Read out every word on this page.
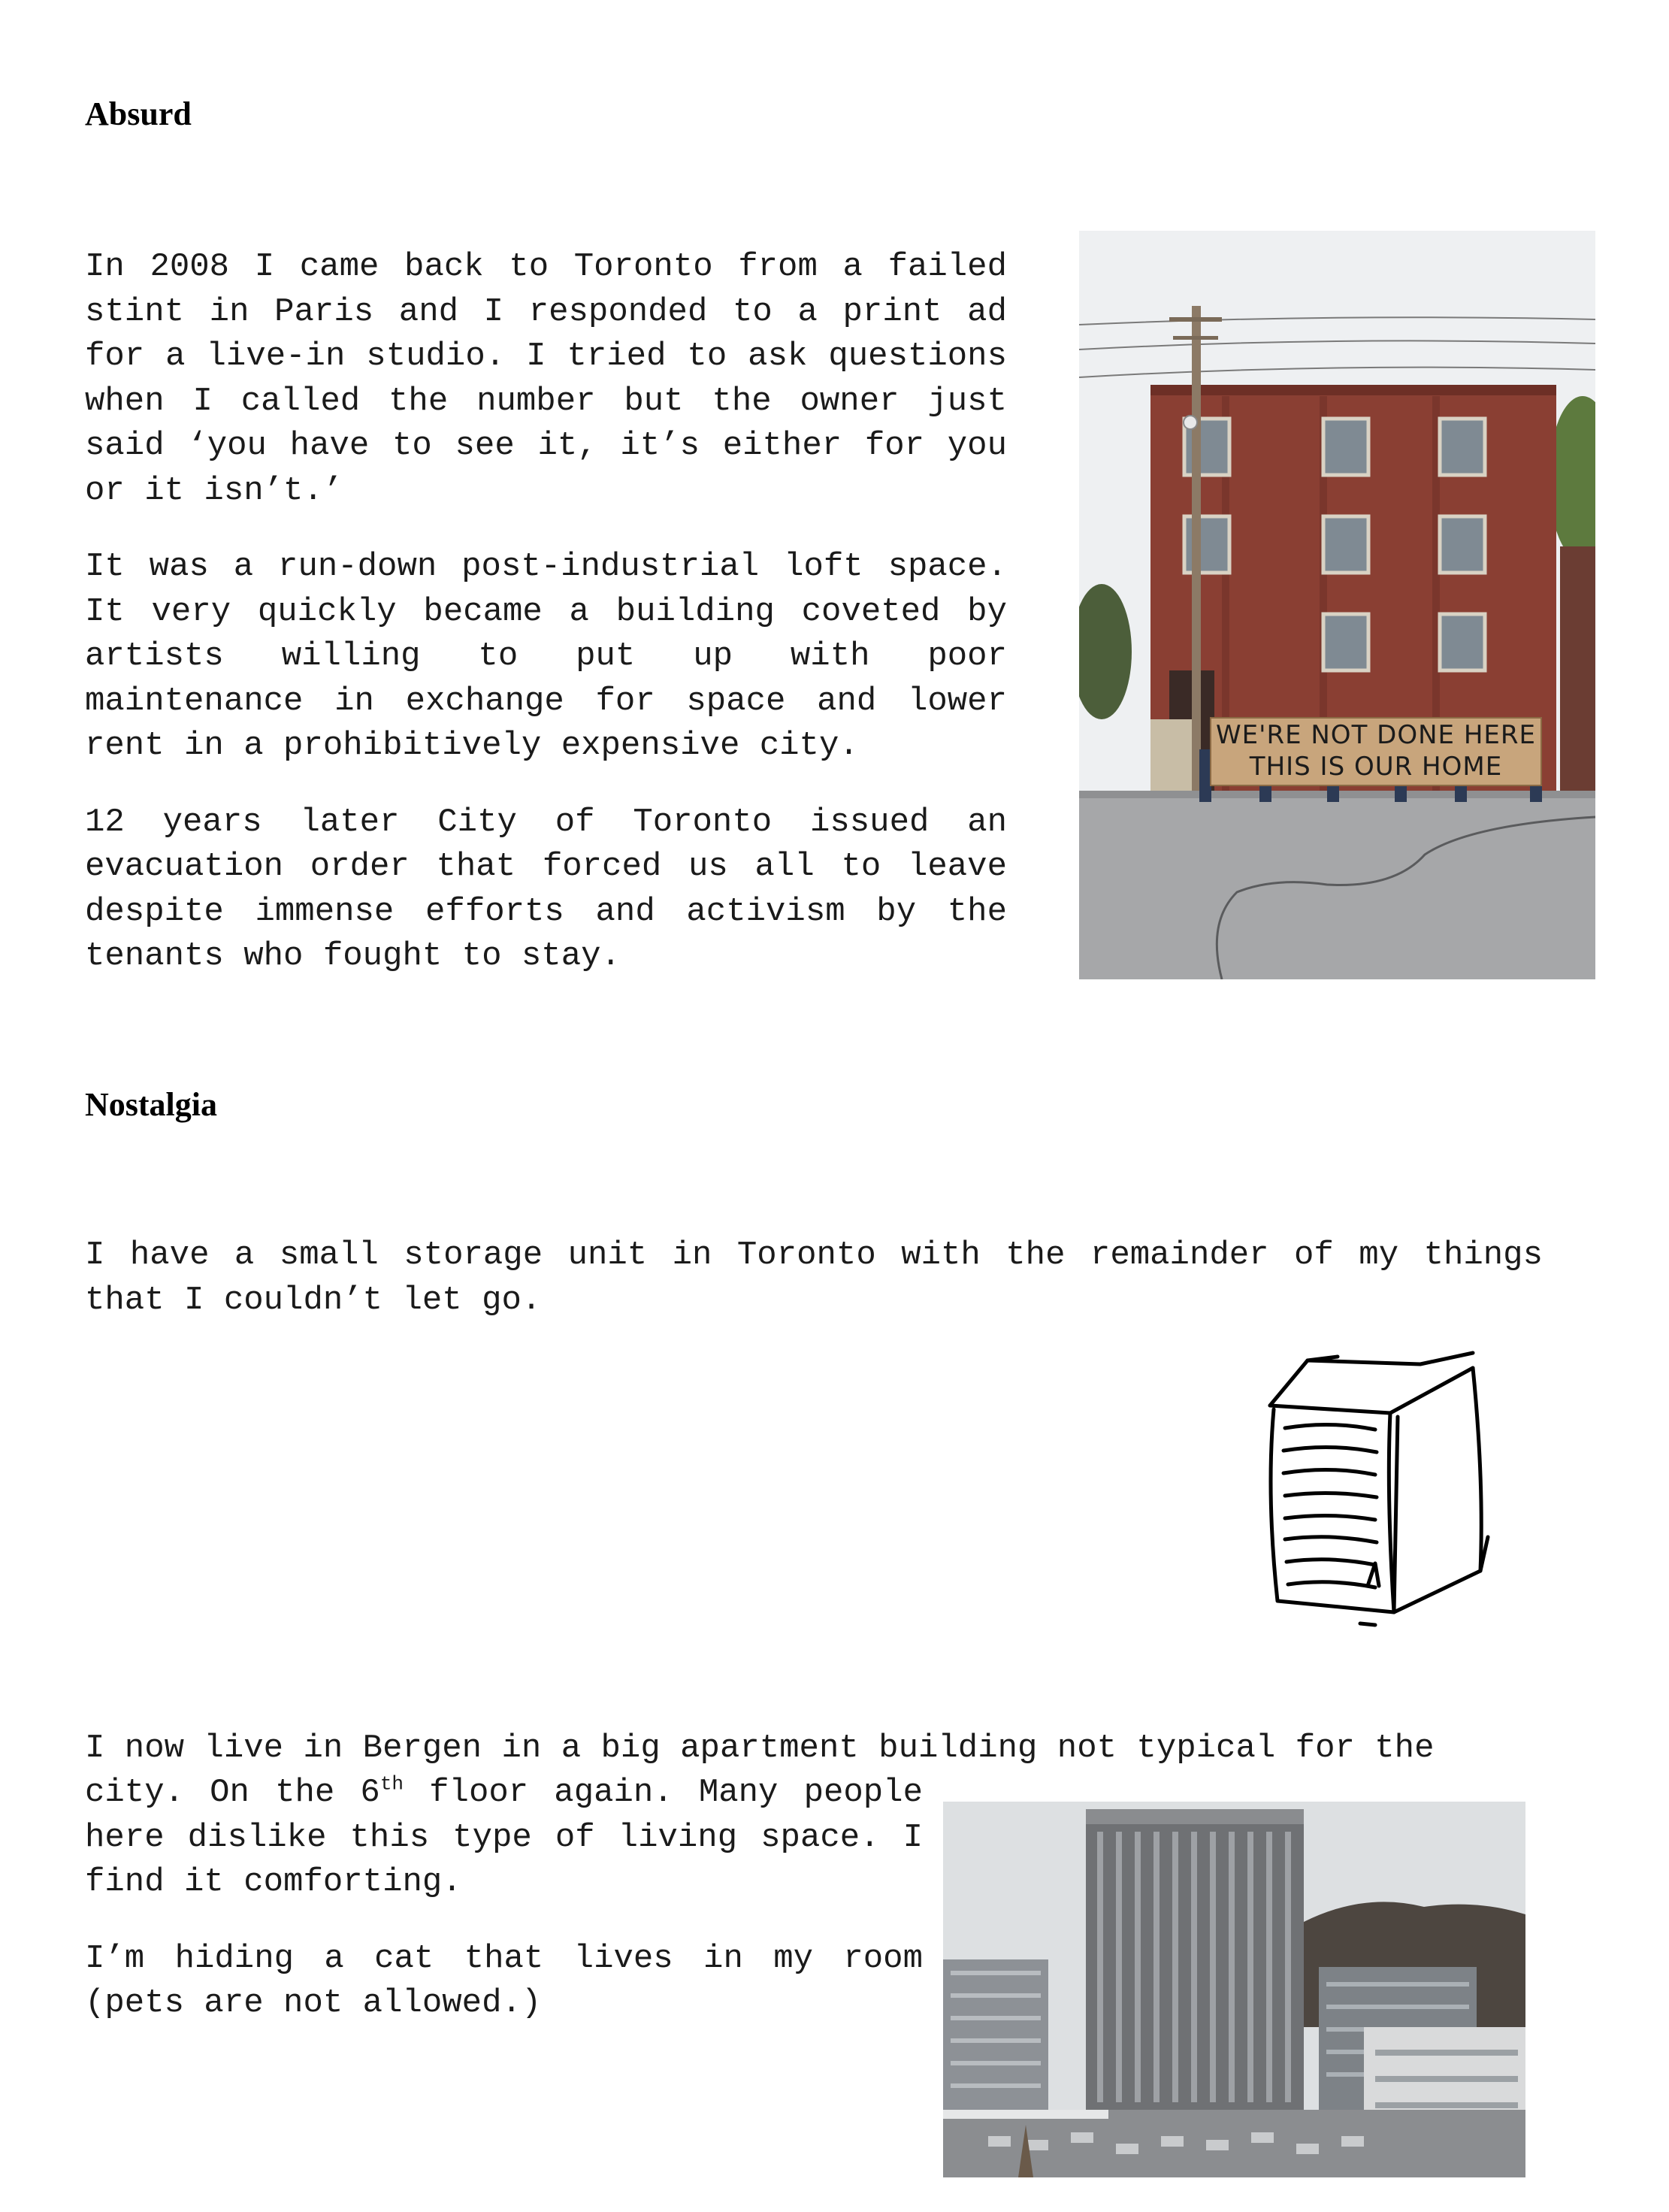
Absurd

In 2008 I came back to Toronto from a failed stint in Paris and I responded to a print ad for a live-in studio. I tried to ask questions when I called the number but the owner just said ‘you have to see it, it’s either for you or it isn’t.’

It was a run-down post-industrial loft space. It very quickly became a building coveted by artists willing to put up with poor maintenance in exchange for space and lower rent in a prohibitively expensive city.

12 years later City of Toronto issued an evacuation order that forced us all to leave despite immense efforts and activism by the tenants who fought to stay.

WE'RE NOT DONE HERE
THIS IS OUR HOME
Nostalgia

I have a small storage unit in Toronto with the remainder of my things that I couldn’t let go.

I now live in Bergen in a big apartment building not typical for the

city. On the 6th floor again. Many people here dislike this type of living space. I find it comforting.

I’m hiding a cat that lives in my room (pets are not allowed.)
